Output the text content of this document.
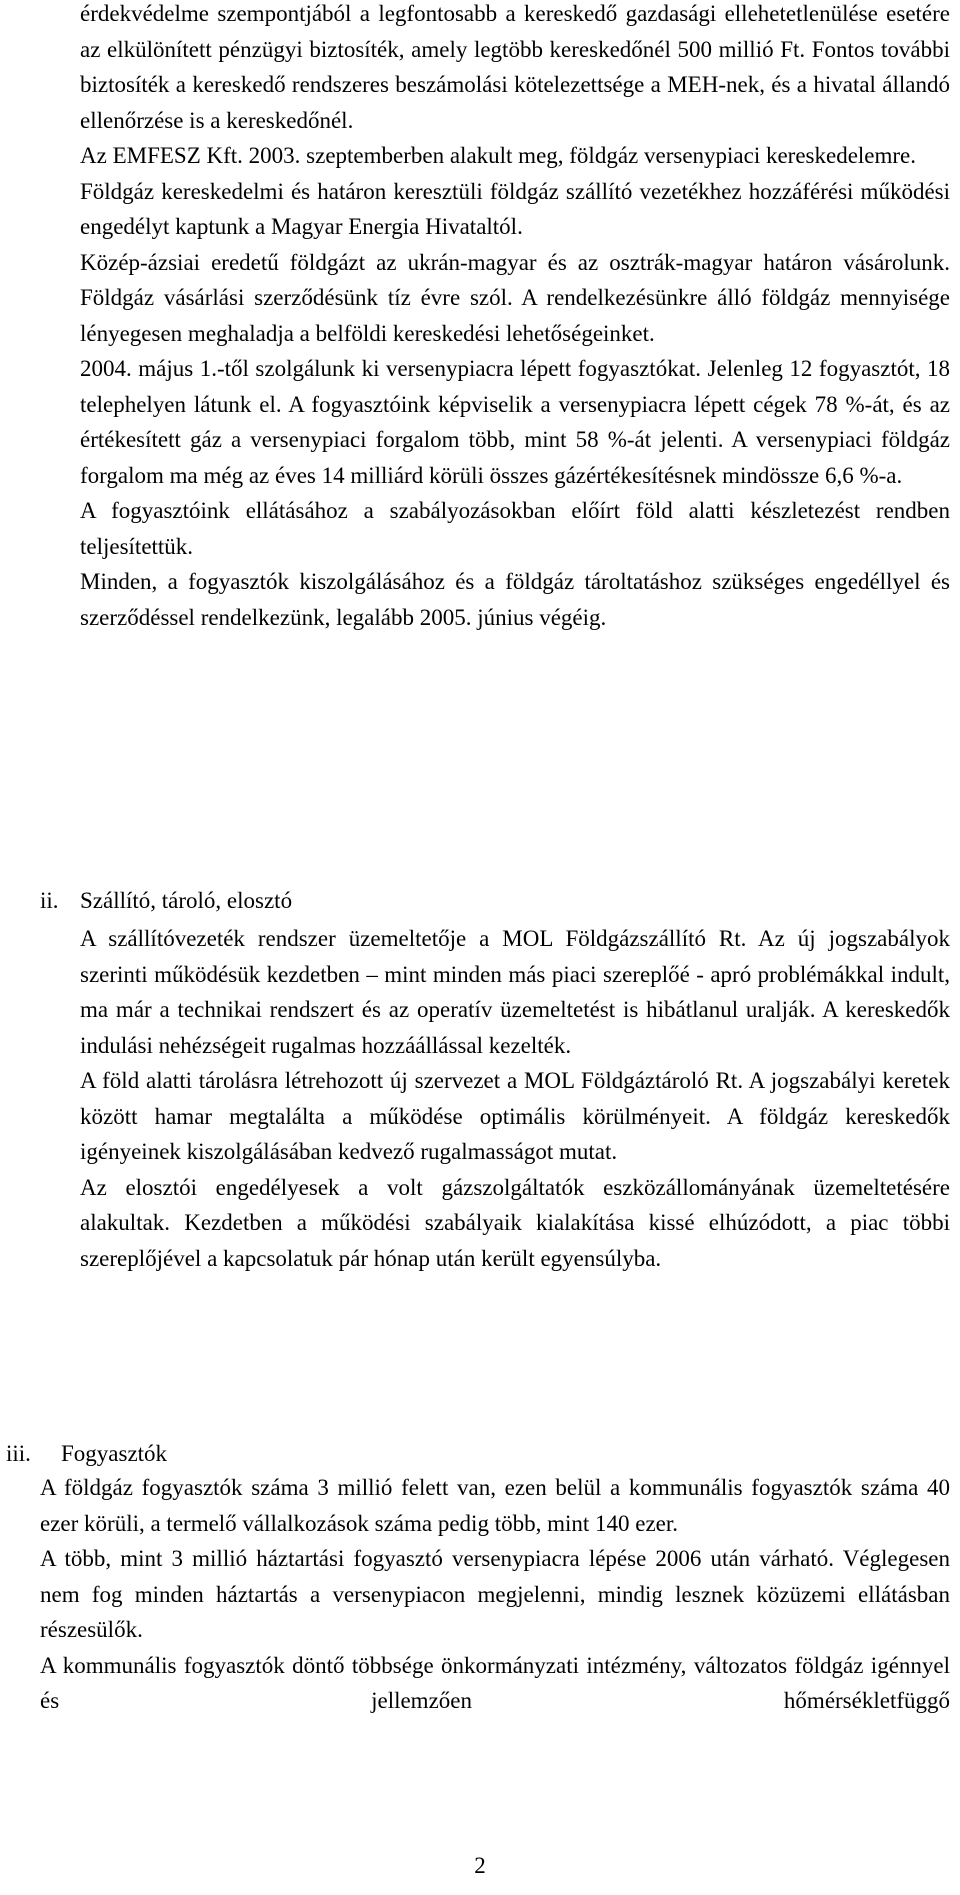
érdekvédelme szempontjából a legfontosabb a kereskedő gazdasági ellehetetlenülése esetére az elkülönített pénzügyi biztosíték, amely legtöbb kereskedőnél 500 millió Ft. Fontos további biztosíték a kereskedő rendszeres beszámolási kötelezettsége a MEH-nek, és a hivatal állandó ellenőrzése is a kereskedőnél.

Az EMFESZ Kft. 2003. szeptemberben alakult meg, földgáz versenypiaci kereskedelemre.

Földgáz kereskedelmi és határon keresztüli földgáz szállító vezetékhez hozzáférési működési engedélyt kaptunk a Magyar Energia Hivataltól.

Közép-ázsiai eredetű földgázt az ukrán-magyar és az osztrák-magyar határon vásárolunk. Földgáz vásárlási szerződésünk tíz évre szól. A rendelkezésünkre álló földgáz mennyisége lényegesen meghaladja a belföldi kereskedési lehetőségeinket.

2004. május 1.-től szolgálunk ki versenypiacra lépett fogyasztókat. Jelenleg 12 fogyasztót, 18 telephelyen látunk el. A fogyasztóink képviselik a versenypiacra lépett cégek 78 %-át, és az értékesített gáz a versenypiaci forgalom több, mint 58 %-át jelenti. A versenypiaci földgáz forgalom ma még az éves 14 milliárd körüli összes gázértékesítésnek mindössze 6,6 %-a.

A fogyasztóink ellátásához a szabályozásokban előírt föld alatti készletezést rendben teljesítettük.

Minden, a fogyasztók kiszolgálásához és a földgáz tároltatáshoz szükséges engedéllyel és szerződéssel rendelkezünk, legalább 2005. június végéig.

ii. Szállító, tároló, elosztó

A szállítóvezeték rendszer üzemeltetője a MOL Földgázszállító Rt. Az új jogszabályok szerinti működésük kezdetben – mint minden más piaci szereplőé - apró problémákkal indult, ma már a technikai rendszert és az operatív üzemeltetést is hibátlanul uralják. A kereskedők indulási nehézségeit rugalmas hozzáállással kezelték.

A föld alatti tárolásra létrehozott új szervezet a MOL Földgáztároló Rt. A jogszabályi keretek között hamar megtalálta a működése optimális körülményeit. A földgáz kereskedők igényeinek kiszolgálásában kedvező rugalmasságot mutat.

Az elosztói engedélyesek a volt gázszolgáltatók eszközállományának üzemeltetésére alakultak. Kezdetben a működési szabályaik kialakítása kissé elhúzódott, a piac többi szereplőjével a kapcsolatuk pár hónap után került egyensúlyba.

iii. Fogyasztók

A földgáz fogyasztók száma 3 millió felett van, ezen belül a kommunális fogyasztók száma 40 ezer körüli, a termelő vállalkozások száma pedig több, mint 140 ezer.

A több, mint 3 millió háztartási fogyasztó versenypiacra lépése 2006 után várható. Véglegesen nem fog minden háztartás a versenypiacon megjelenni, mindig lesznek közüzemi ellátásban részesülők.

A kommunális fogyasztók döntő többsége önkormányzati intézmény, változatos földgáz igénnyel és jellemzően hőmérsékletfüggő

2
